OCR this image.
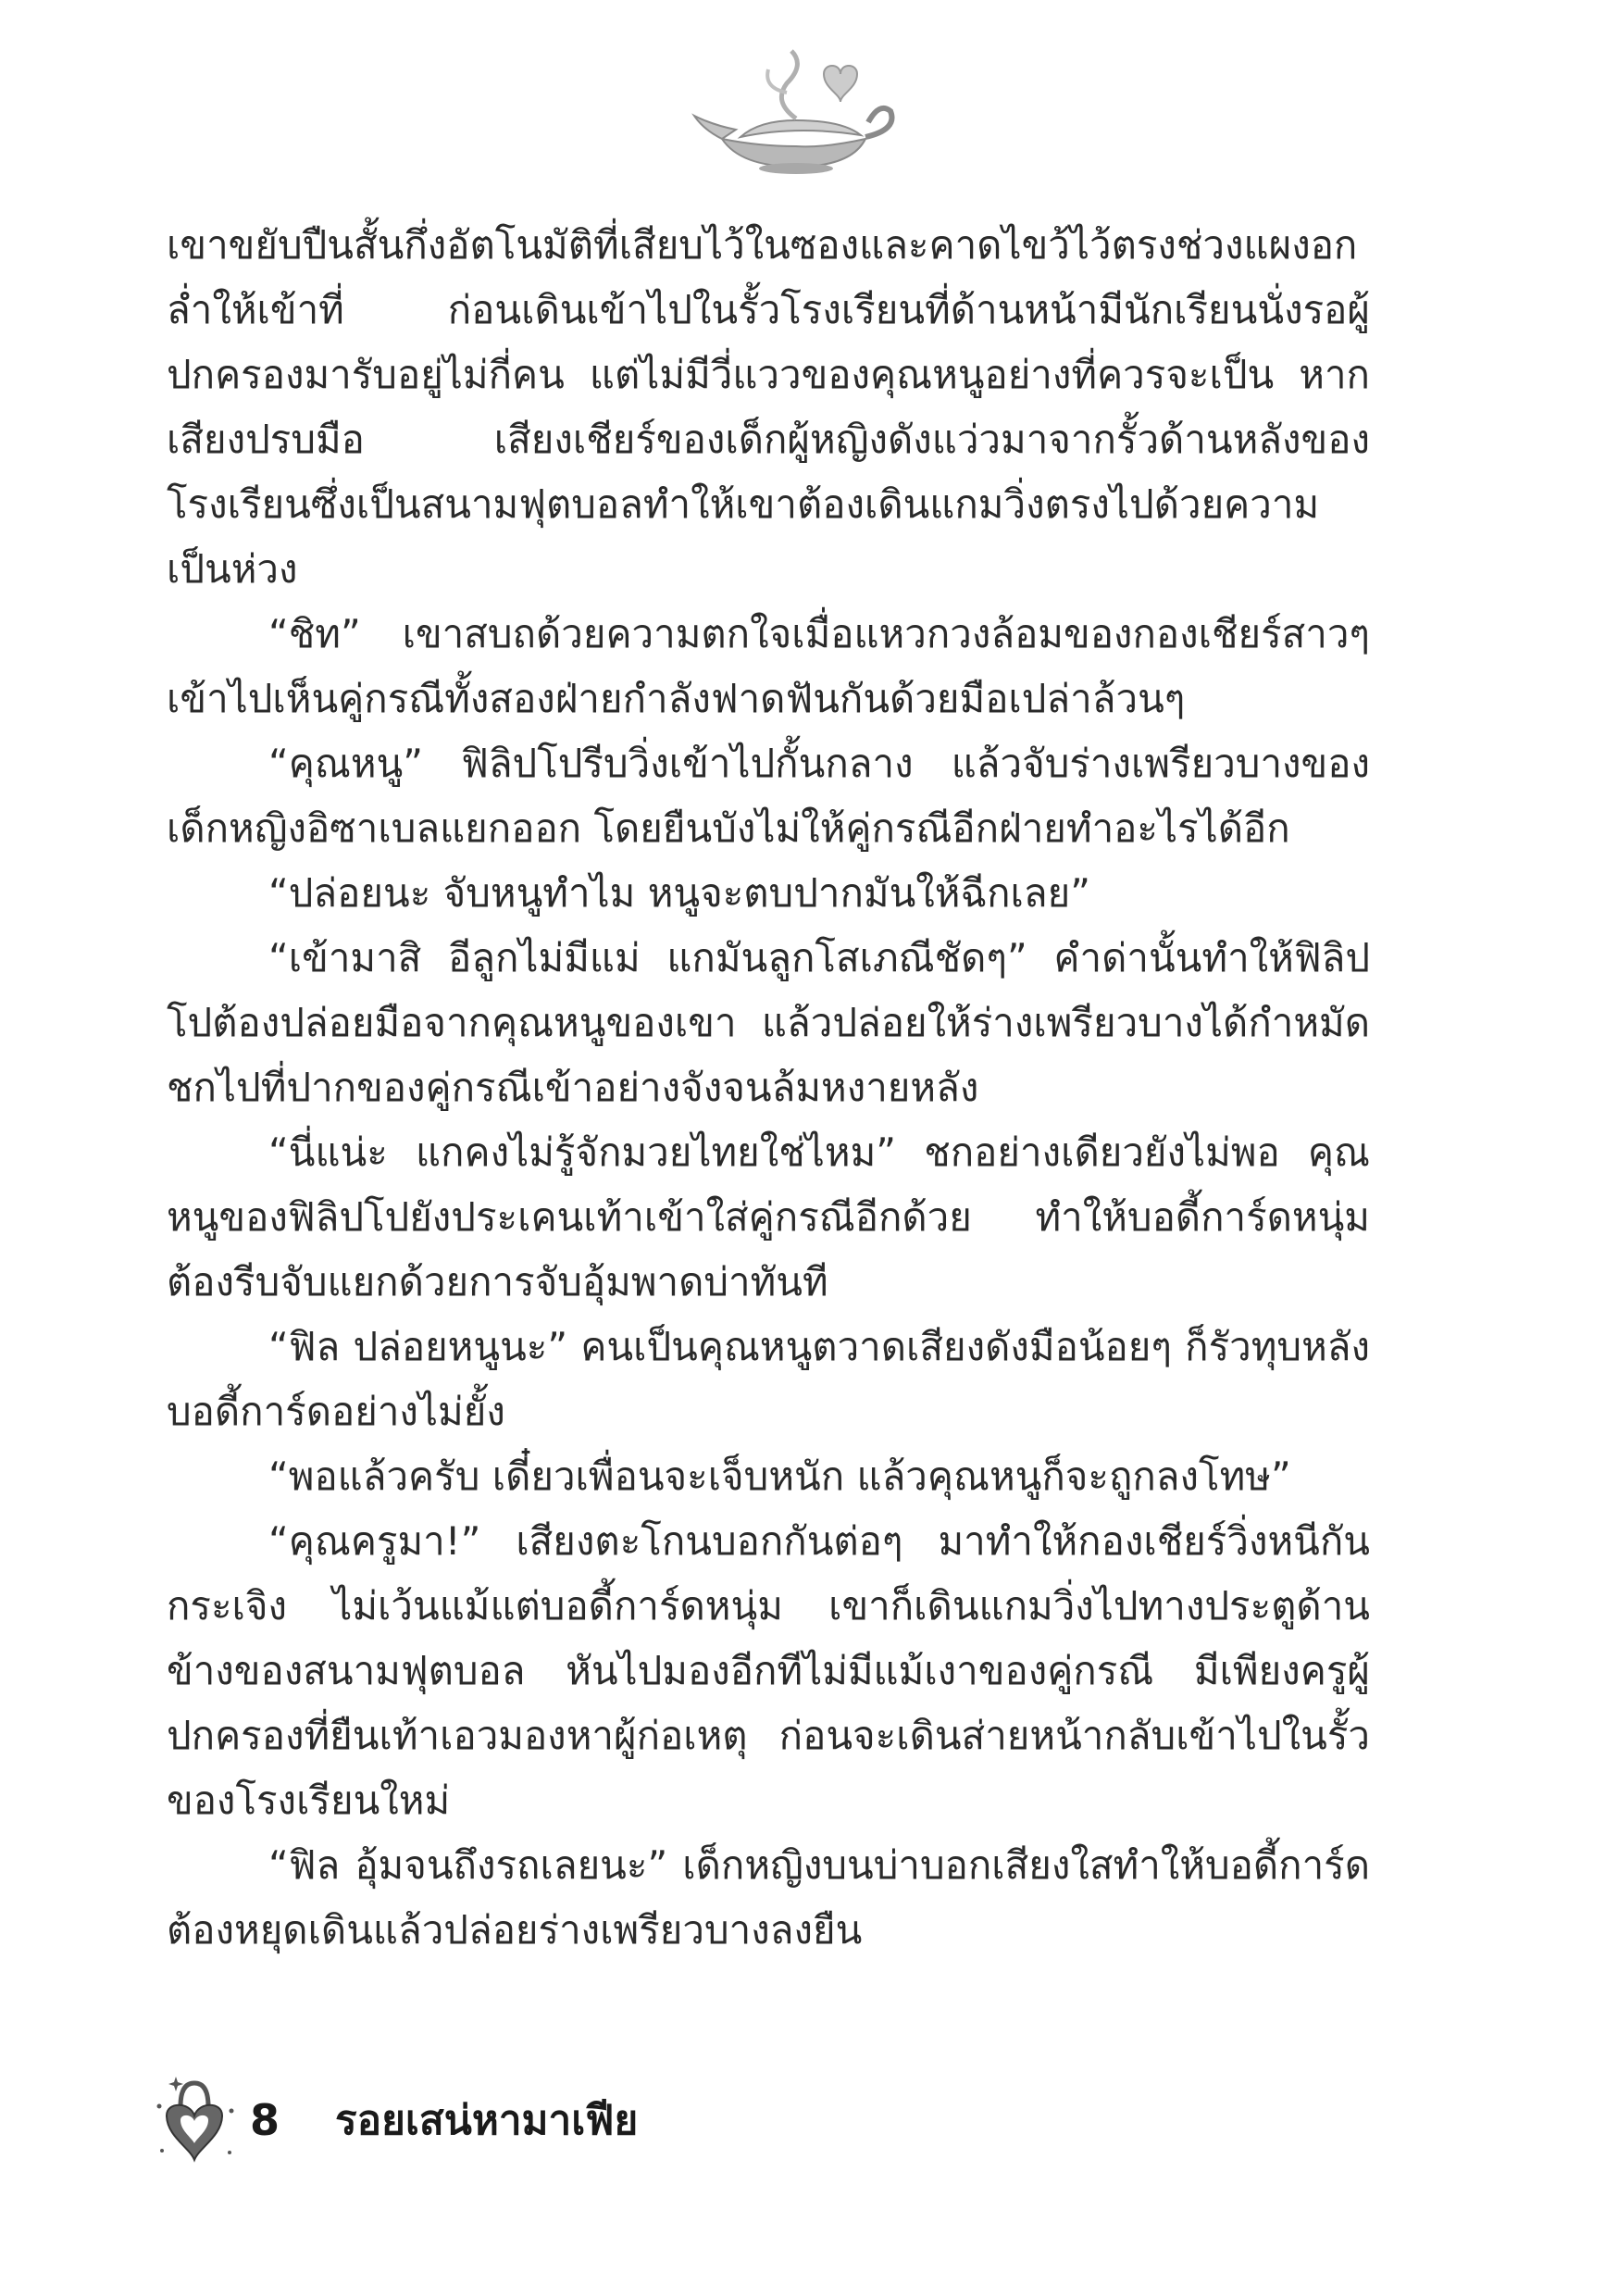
เขาขยับปืนสั้นกึ่งอัตโนมัติที่เสียบไว้ในซองและคาดไขว้ไว้ตรงช่วงแผงอกล่ำให้เข้าที่ ก่อนเดินเข้าไปในรั้วโรงเรียนที่ด้านหน้ามีนักเรียนนั่งรอผู้ปกครองมารับอยู่ไม่กี่คน แต่ไม่มีวี่แววของคุณหนูอย่างที่ควรจะเป็น หากเสียงปรบมือ เสียงเชียร์ของเด็กผู้หญิงดังแว่วมาจากรั้วด้านหลังของโรงเรียนซึ่งเป็นสนามฟุตบอลทำให้เขาต้องเดินแกมวิ่งตรงไปด้วยความเป็นห่วง

“ชิท” เขาสบถด้วยความตกใจเมื่อแหวกวงล้อมของกองเชียร์สาวๆ เข้าไปเห็นคู่กรณีทั้งสองฝ่ายกำลังฟาดฟันกันด้วยมือเปล่าล้วนๆ

“คุณหนู” ฟิลิปโปรีบวิ่งเข้าไปกั้นกลาง แล้วจับร่างเพรียวบางของเด็กหญิงอิซาเบลแยกออก โดยยืนบังไม่ให้คู่กรณีอีกฝ่ายทำอะไรได้อีก

“ปล่อยนะ จับหนูทำไม หนูจะตบปากมันให้ฉีกเลย”

“เข้ามาสิ อีลูกไม่มีแม่ แกมันลูกโสเภณีชัดๆ” คำด่านั้นทำให้ฟิลิปโปต้องปล่อยมือจากคุณหนูของเขา แล้วปล่อยให้ร่างเพรียวบางได้กำหมัดชกไปที่ปากของคู่กรณีเข้าอย่างจังจนล้มหงายหลัง

“นี่แน่ะ แกคงไม่รู้จักมวยไทยใช่ไหม” ชกอย่างเดียวยังไม่พอ คุณหนูของฟิลิปโปยังประเคนเท้าเข้าใส่คู่กรณีอีกด้วย ทำให้บอดี้การ์ดหนุ่มต้องรีบจับแยกด้วยการจับอุ้มพาดบ่าทันที

“ฟิล ปล่อยหนูนะ” คนเป็นคุณหนูตวาดเสียงดังมือน้อยๆ ก็รัวทุบหลังบอดี้การ์ดอย่างไม่ยั้ง

“พอแล้วครับ เดี๋ยวเพื่อนจะเจ็บหนัก แล้วคุณหนูก็จะถูกลงโทษ”

“คุณครูมา!” เสียงตะโกนบอกกันต่อๆ มาทำให้กองเชียร์วิ่งหนีกันกระเจิง ไม่เว้นแม้แต่บอดี้การ์ดหนุ่ม เขาก็เดินแกมวิ่งไปทางประตูด้านข้างของสนามฟุตบอล หันไปมองอีกทีไม่มีแม้เงาของคู่กรณี มีเพียงครูผู้ปกครองที่ยืนเท้าเอวมองหาผู้ก่อเหตุ ก่อนจะเดินส่ายหน้ากลับเข้าไปในรั้วของโรงเรียนใหม่

“ฟิล อุ้มจนถึงรถเลยนะ” เด็กหญิงบนบ่าบอกเสียงใสทำให้บอดี้การ์ดต้องหยุดเดินแล้วปล่อยร่างเพรียวบางลงยืน

8 รอยเสน่หามาเฟีย
